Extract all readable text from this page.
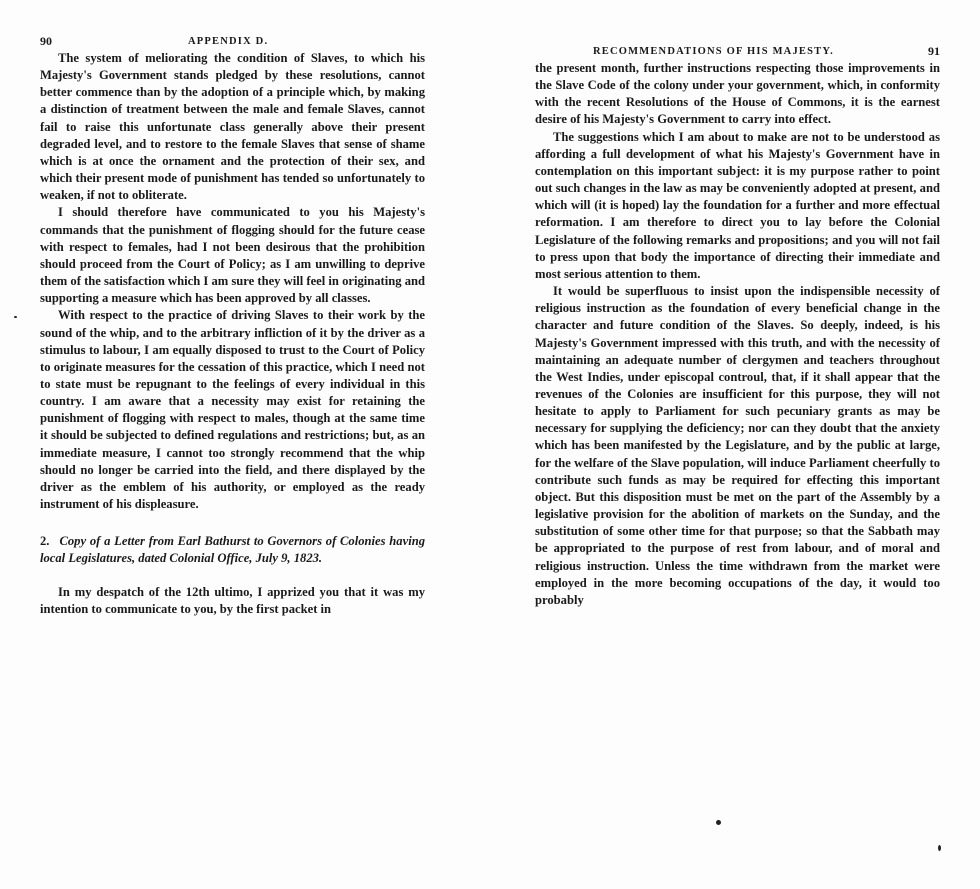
90	APPENDIX D.

The system of meliorating the condition of Slaves, to which his Majesty's Government stands pledged by these resolutions, cannot better commence than by the adoption of a principle which, by making a distinction of treatment between the male and female Slaves, cannot fail to raise this unfortunate class generally above their present degraded level, and to restore to the female Slaves that sense of shame which is at once the ornament and the protection of their sex, and which their present mode of punishment has tended so unfortunately to weaken, if not to obliterate.

I should therefore have communicated to you his Majesty's commands that the punishment of flogging should for the future cease with respect to females, had I not been desirous that the prohibition should proceed from the Court of Policy; as I am unwilling to deprive them of the satisfaction which I am sure they will feel in originating and supporting a measure which has been approved by all classes.

With respect to the practice of driving Slaves to their work by the sound of the whip, and to the arbitrary infliction of it by the driver as a stimulus to labour, I am equally disposed to trust to the Court of Policy to originate measures for the cessation of this practice, which I need not to state must be repugnant to the feelings of every individual in this country. I am aware that a necessity may exist for retaining the punishment of flogging with respect to males, though at the same time it should be subjected to defined regulations and restrictions; but, as an immediate measure, I cannot too strongly recommend that the whip should no longer be carried into the field, and there displayed by the driver as the emblem of his authority, or employed as the ready instrument of his displeasure.

2. Copy of a Letter from Earl Bathurst to Governors of Colonies having local Legislatures, dated Colonial Office, July 9, 1823.

In my despatch of the 12th ultimo, I apprized you that it was my intention to communicate to you, by the first packet in

RECOMMENDATIONS OF HIS MAJESTY.	91

the present month, further instructions respecting those improvements in the Slave Code of the colony under your government, which, in conformity with the recent Resolutions of the House of Commons, it is the earnest desire of his Majesty's Government to carry into effect.

The suggestions which I am about to make are not to be understood as affording a full development of what his Majesty's Government have in contemplation on this important subject: it is my purpose rather to point out such changes in the law as may be conveniently adopted at present, and which will (it is hoped) lay the foundation for a further and more effectual reformation. I am therefore to direct you to lay before the Colonial Legislature of the following remarks and propositions; and you will not fail to press upon that body the importance of directing their immediate and most serious attention to them.

It would be superfluous to insist upon the indispensible necessity of religious instruction as the foundation of every beneficial change in the character and future condition of the Slaves. So deeply, indeed, is his Majesty's Government impressed with this truth, and with the necessity of maintaining an adequate number of clergymen and teachers throughout the West Indies, under episcopal controul, that, if it shall appear that the revenues of the Colonies are insufficient for this purpose, they will not hesitate to apply to Parliament for such pecuniary grants as may be necessary for supplying the deficiency; nor can they doubt that the anxiety which has been manifested by the Legislature, and by the public at large, for the welfare of the Slave population, will induce Parliament cheerfully to contribute such funds as may be required for effecting this important object. But this disposition must be met on the part of the Assembly by a legislative provision for the abolition of markets on the Sunday, and the substitution of some other time for that purpose; so that the Sabbath may be appropriated to the purpose of rest from labour, and of moral and religious instruction. Unless the time withdrawn from the market were employed in the more becoming occupations of the day, it would too probably
